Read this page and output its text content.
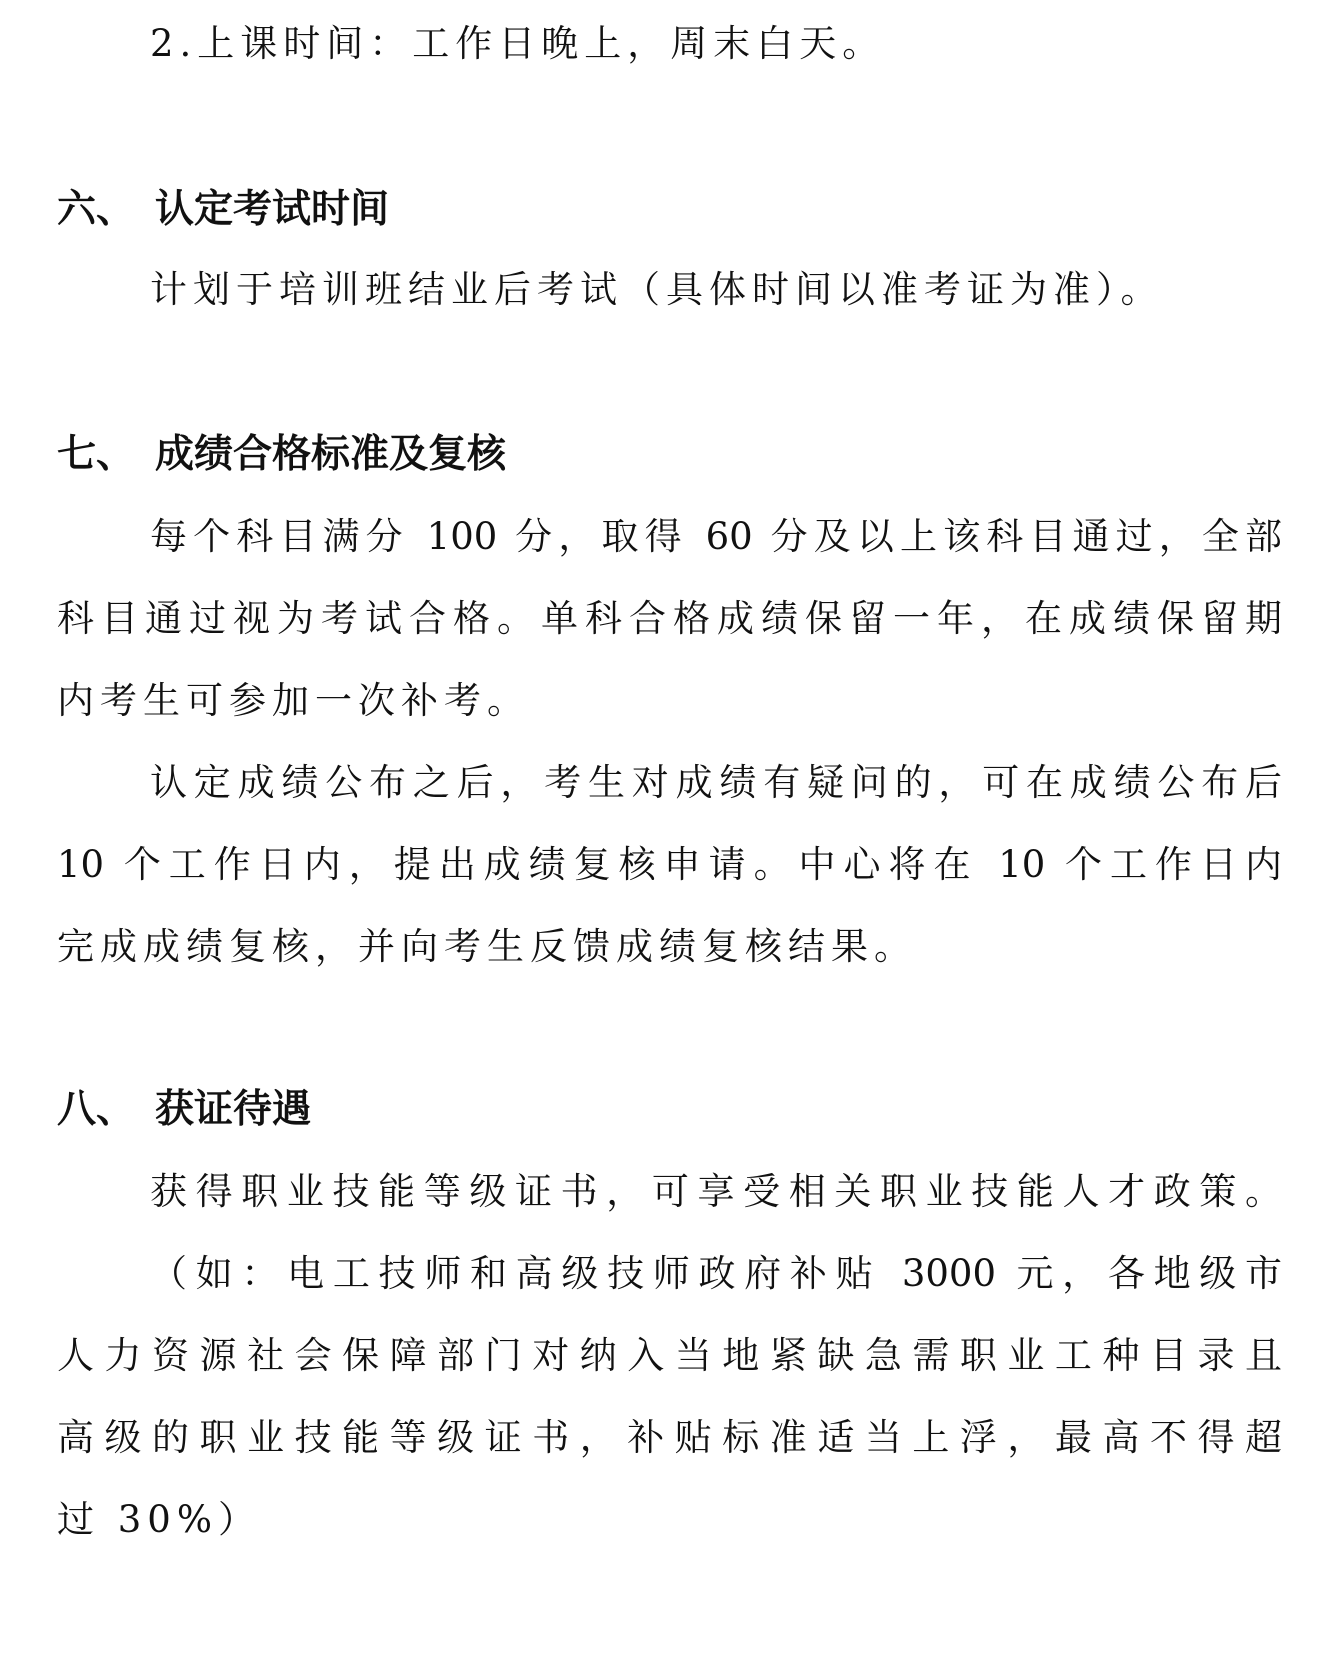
2.上课时间：工作日晚上，周末白天。
六、 认定考试时间
计划于培训班结业后考试（具体时间以准考证为准）。
七、 成绩合格标准及复核
每个科目满分 100 分，取得 60 分及以上该科目通过，全部
科目通过视为考试合格。单科合格成绩保留一年，在成绩保留期
内考生可参加一次补考。
认定成绩公布之后，考生对成绩有疑问的，可在成绩公布后
10 个工作日内，提出成绩复核申请。中心将在 10 个工作日内
完成成绩复核，并向考生反馈成绩复核结果。
八、 获证待遇
获得职业技能等级证书，可享受相关职业技能人才政策。
（如：电工技师和高级技师政府补贴 3000 元，各地级市
人力资源社会保障部门对纳入当地紧缺急需职业工种目录且
高级的职业技能等级证书，补贴标准适当上浮，最高不得超
过 30%）
